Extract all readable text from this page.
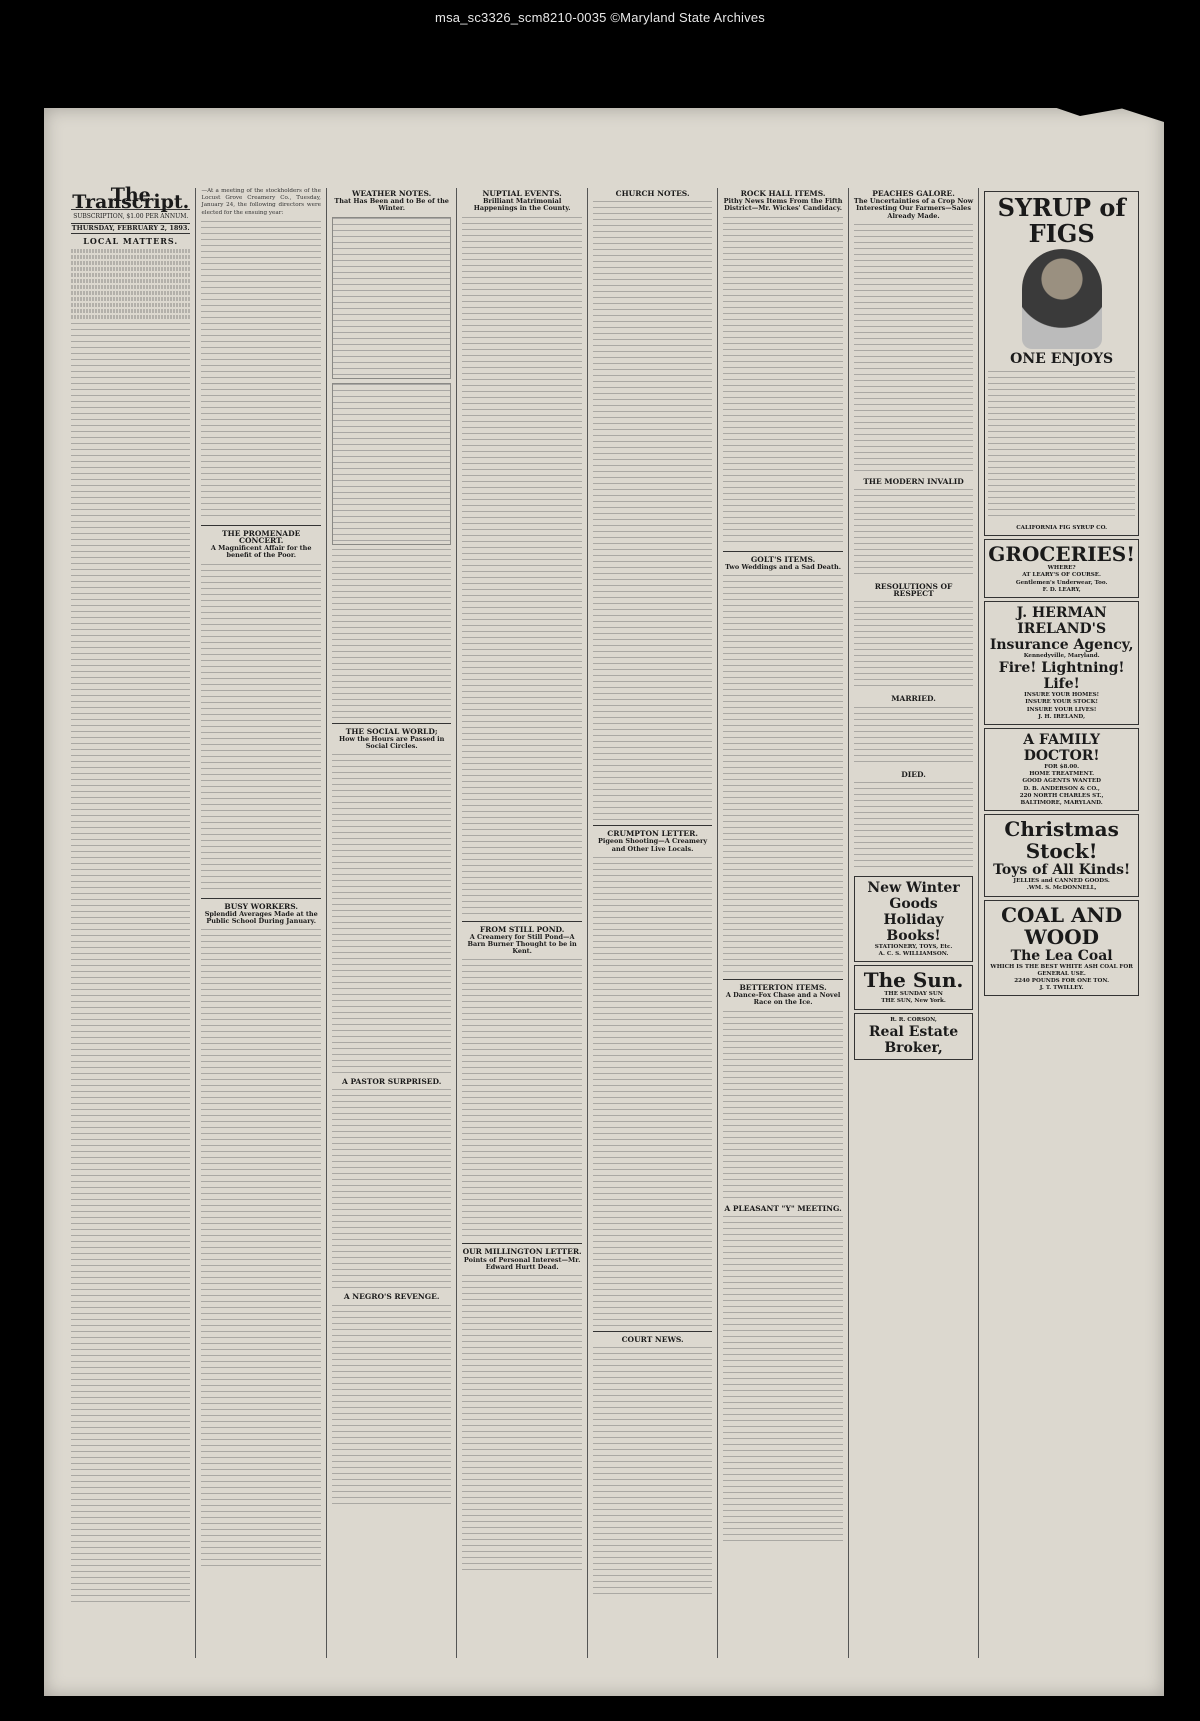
msa_sc3326_scm8210-0035 ©Maryland State Archives
The Transcript.
SUBSCRIPTION, $1.00 PER ANNUM.
THURSDAY, FEBRUARY 2, 1893.
LOCAL MATTERS.
—At a meeting of the stockholders of the Locust Grove Creamery Co., Tuesday, January 24, the following directors were elected for the ensuing year:
THE PROMENADE CONCERT.
A Magnificent Affair for the benefit of the Poor.
BUSY WORKERS.
Splendid Averages Made at the Public School During January.
WEATHER NOTES.
That Has Been and to Be of the Winter.
THE SOCIAL WORLD;
How the Hours are Passed in Social Circles.
A PASTOR SURPRISED.
A NEGRO'S REVENGE.
NUPTIAL EVENTS.
Brilliant Matrimonial Happenings in the County.
FROM STILL POND.
A Creamery for Still Pond—A Barn Burner Thought to be in Kent.
OUR MILLINGTON LETTER.
Points of Personal Interest—Mr. Edward Hurtt Dead.
CHURCH NOTES.
CRUMPTON LETTER.
Pigeon Shooting—A Creamery and Other Live Locals.
COURT NEWS.
ROCK HALL ITEMS.
Pithy News Items From the Fifth District—Mr. Wickes' Candidacy.
GOLT'S ITEMS.
Two Weddings and a Sad Death.
BETTERTON ITEMS.
A Dance-Fox Chase and a Novel Race on the Ice.
A PLEASANT "Y" MEETING.
PEACHES GALORE.
The Uncertainties of a Crop Now Interesting Our Farmers—Sales Already Made.
THE MODERN INVALID
RESOLUTIONS OF RESPECT
MARRIED.
DIED.
New Winter Goods
Holiday Books!
STATIONERY, TOYS, Etc.
A. C. S. WILLIAMSON.
The Sun.
THE SUNDAY SUN
THE SUN, New York.
R. R. CORSON,
Real Estate Broker,
SYRUP of FIGS
ONE ENJOYS
CALIFORNIA FIG SYRUP CO.
GROCERIES!
WHERE?
AT LEARY'S OF COURSE.
Gentlemen's Underwear, Too.
F. D. LEARY,
J. HERMAN IRELAND'S
Insurance Agency,
Kennedyville, Maryland.
Fire! Lightning! Life!
INSURE YOUR HOMES!
INSURE YOUR STOCK!
INSURE YOUR LIVES!
J. H. IRELAND,
A FAMILY DOCTOR!
FOR $8.00.
HOME TREATMENT.
GOOD AGENTS WANTED
D. B. ANDERSON & CO.,
220 NORTH CHARLES ST.,
BALTIMORE, MARYLAND.
Christmas Stock!
Toys of All Kinds!
JELLIES and CANNED GOODS.
.WM. S. McDONNELL,
COAL AND WOOD
The Lea Coal
WHICH IS THE BEST WHITE ASH COAL FOR GENERAL USE.
2240 POUNDS FOR ONE TON.
J. T. TWILLEY.
